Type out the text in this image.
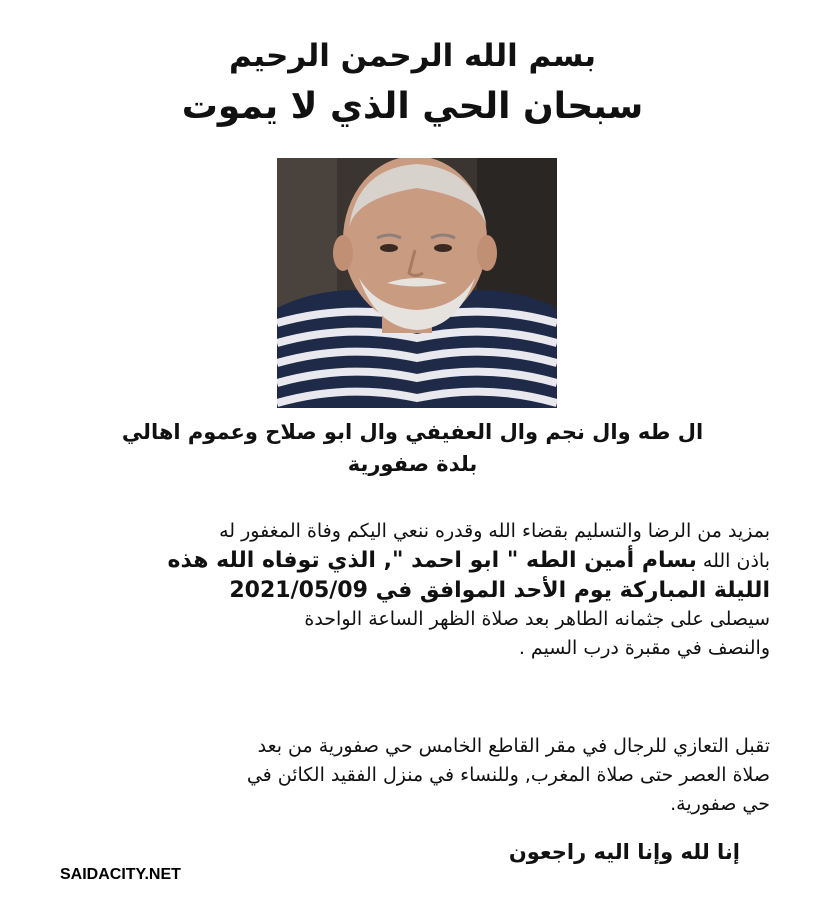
بسم الله الرحمن الرحيم
سبحان الحي الذي لا يموت
ال طه وال نجم وال العفيفي وال ابو صلاح وعموم اهالي
بلدة صفورية
بمزيد من الرضا والتسليم بقضاء الله وقدره ننعي اليكم وفاة المغفور له
باذن الله بسام أمين الطه " ابو احمد ", الذي توفاه الله هذه
الليلة المباركة يوم الأحد الموافق في 2021/05/09
سيصلى على جثمانه الطاهر بعد صلاة الظهر الساعة الواحدة
والنصف في مقبرة درب السيم .
تقبل التعازي للرجال في مقر القاطع الخامس حي صفورية من بعد
صلاة العصر حتى صلاة المغرب, وللنساء في منزل الفقيد الكائن في
حي صفورية.
إنا لله وإنا اليه راجعون
SAIDACITY.NET
